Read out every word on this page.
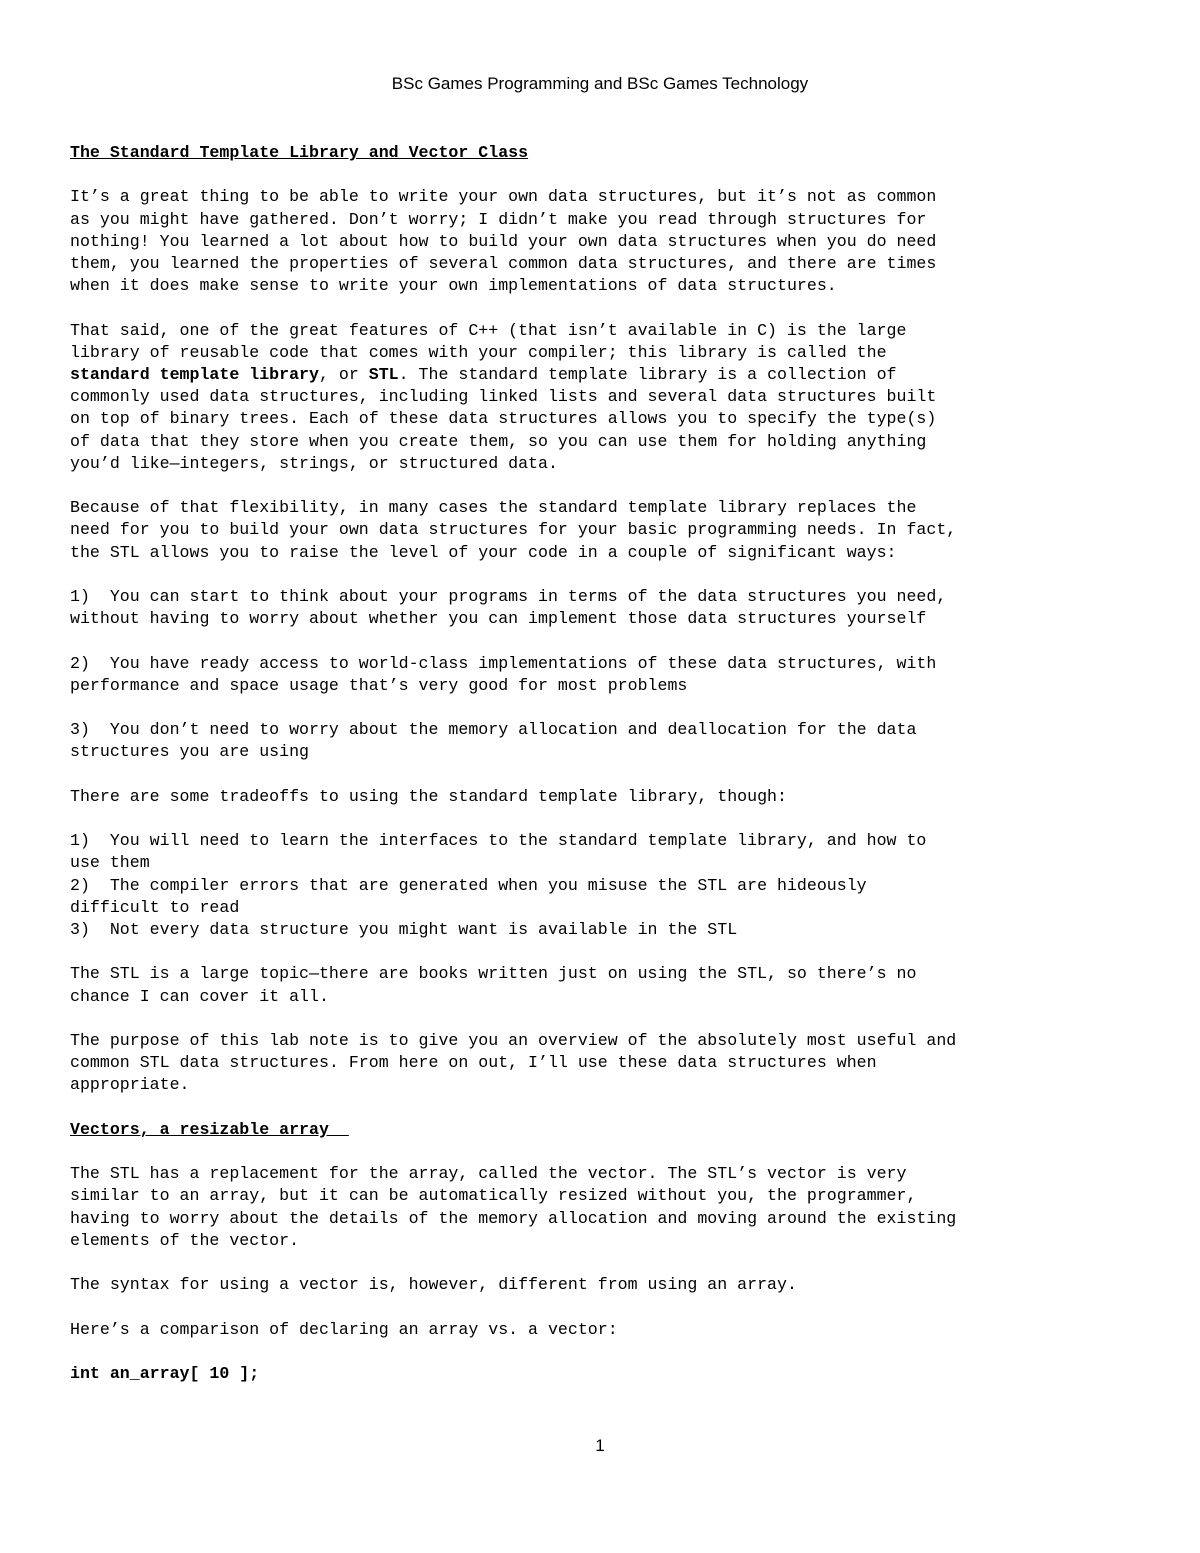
BSc Games Programming and BSc Games Technology
The Standard Template Library and Vector Class
It’s a great thing to be able to write your own data structures, but it’s not as common
as you might have gathered. Don’t worry; I didn’t make you read through structures for
nothing! You learned a lot about how to build your own data structures when you do need
them, you learned the properties of several common data structures, and there are times
when it does make sense to write your own implementations of data structures.
That said, one of the great features of C++ (that isn’t available in C) is the large
library of reusable code that comes with your compiler; this library is called the
standard template library, or STL. The standard template library is a collection of
commonly used data structures, including linked lists and several data structures built
on top of binary trees. Each of these data structures allows you to specify the type(s)
of data that they store when you create them, so you can use them for holding anything
you’d like—integers, strings, or structured data.
Because of that flexibility, in many cases the standard template library replaces the
need for you to build your own data structures for your basic programming needs. In fact,
the STL allows you to raise the level of your code in a couple of significant ways:
1)  You can start to think about your programs in terms of the data structures you need,
without having to worry about whether you can implement those data structures yourself
2)  You have ready access to world-class implementations of these data structures, with
performance and space usage that’s very good for most problems
3)  You don’t need to worry about the memory allocation and deallocation for the data
structures you are using
There are some tradeoffs to using the standard template library, though:
1)  You will need to learn the interfaces to the standard template library, and how to
use them
2)  The compiler errors that are generated when you misuse the STL are hideously
difficult to read
3)  Not every data structure you might want is available in the STL
The STL is a large topic—there are books written just on using the STL, so there’s no
chance I can cover it all.
The purpose of this lab note is to give you an overview of the absolutely most useful and
common STL data structures. From here on out, I’ll use these data structures when
appropriate.
Vectors, a resizable array
The STL has a replacement for the array, called the vector. The STL’s vector is very
similar to an array, but it can be automatically resized without you, the programmer,
having to worry about the details of the memory allocation and moving around the existing
elements of the vector.
The syntax for using a vector is, however, different from using an array.
Here’s a comparison of declaring an array vs. a vector:
int an_array[ 10 ];
1
